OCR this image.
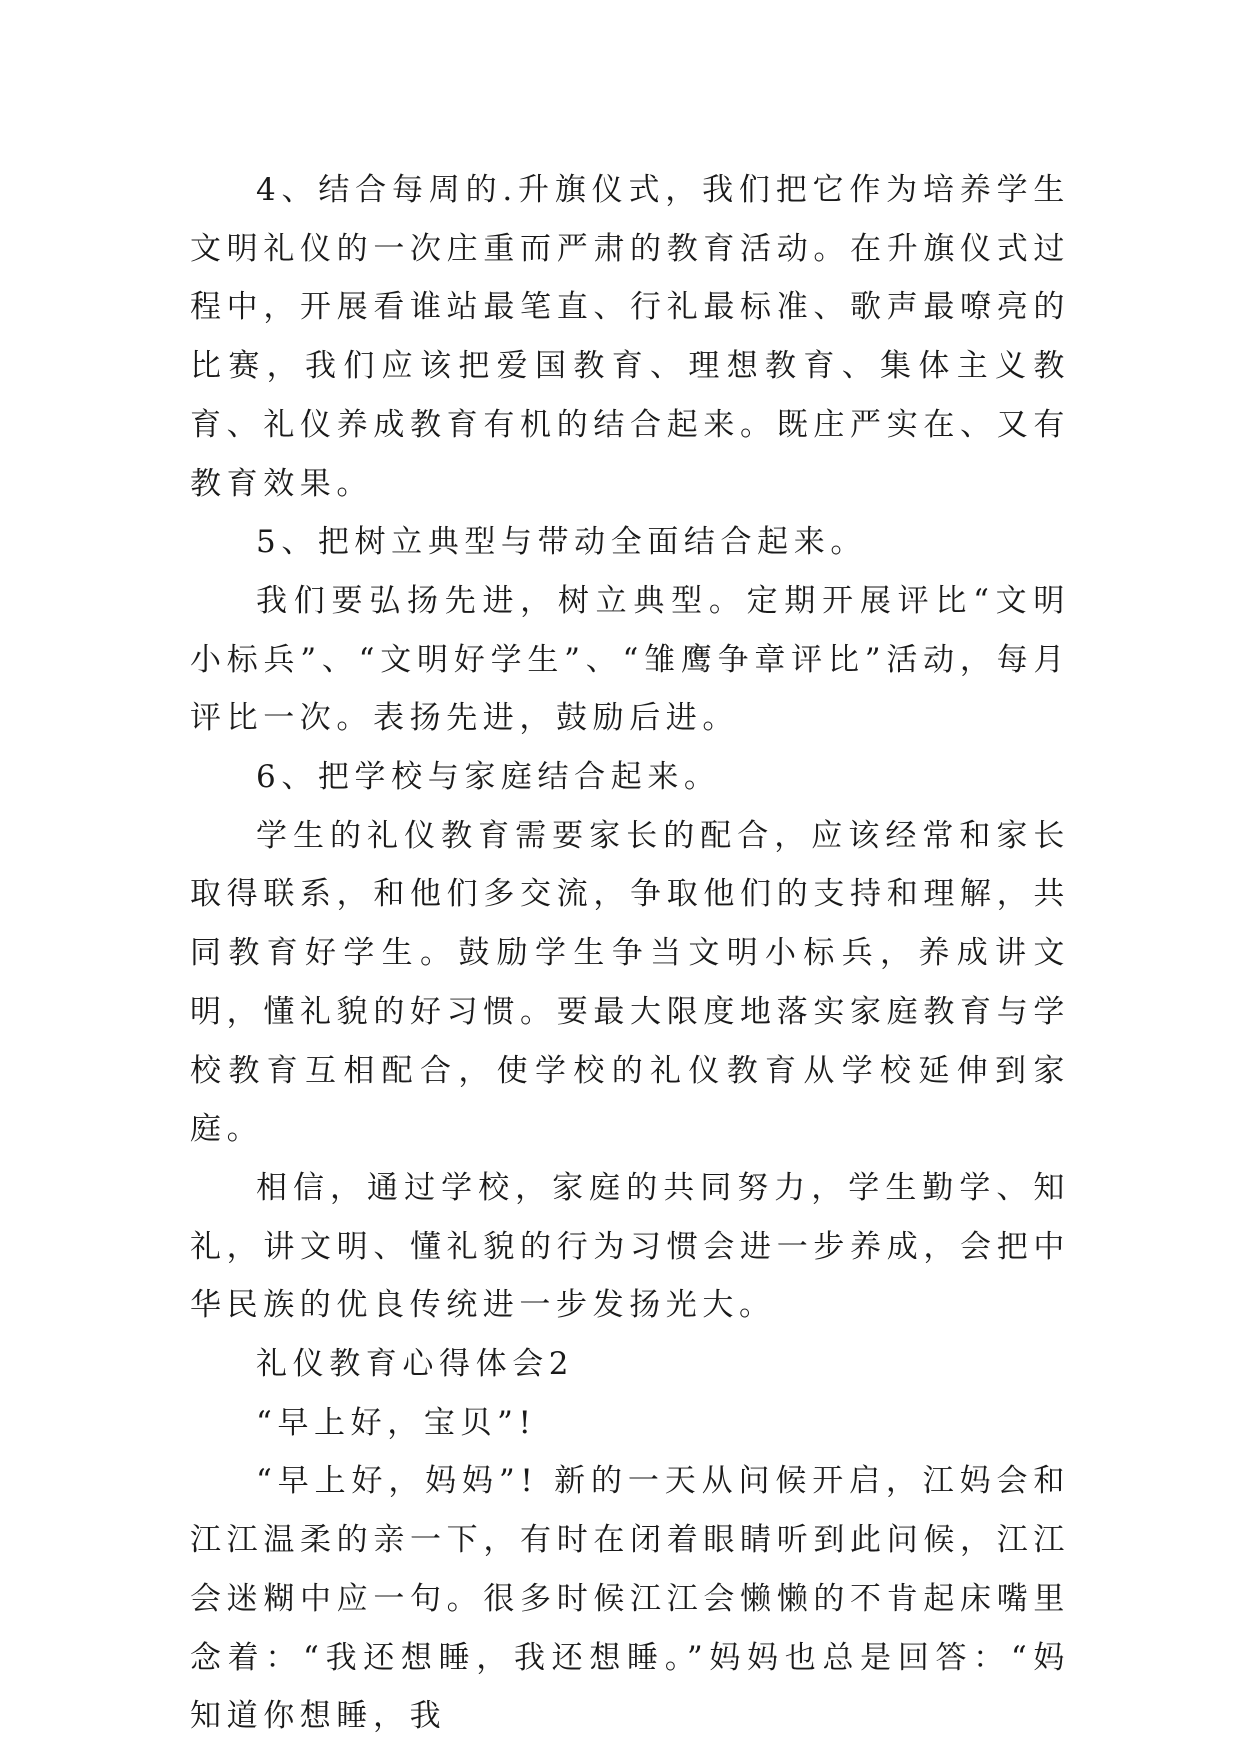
4、结合每周的.升旗仪式，我们把它作为培养学生文明礼仪的一次庄重而严肃的教育活动。在升旗仪式过程中，开展看谁站最笔直、行礼最标准、歌声最嘹亮的比赛，我们应该把爱国教育、理想教育、集体主义教育、礼仪养成教育有机的结合起来。既庄严实在、又有教育效果。

5、把树立典型与带动全面结合起来。

我们要弘扬先进，树立典型。定期开展评比“文明小标兵”、“文明好学生”、“雏鹰争章评比”活动，每月评比一次。表扬先进，鼓励后进。

6、把学校与家庭结合起来。

学生的礼仪教育需要家长的配合，应该经常和家长取得联系，和他们多交流，争取他们的支持和理解，共同教育好学生。鼓励学生争当文明小标兵，养成讲文明，懂礼貌的好习惯。要最大限度地落实家庭教育与学校教育互相配合，使学校的礼仪教育从学校延伸到家庭。

相信，通过学校，家庭的共同努力，学生勤学、知礼，讲文明、懂礼貌的行为习惯会进一步养成，会把中华民族的优良传统进一步发扬光大。

礼仪教育心得体会2

“早上好，宝贝”!

“早上好，妈妈”! 新的一天从问候开启，江妈会和江江温柔的亲一下，有时在闭着眼睛听到此问候，江江会迷糊中应一句。很多时候江江会懒懒的不肯起床嘴里念着：“我还想睡，我还想睡。”妈妈也总是回答：“妈知道你想睡，我
